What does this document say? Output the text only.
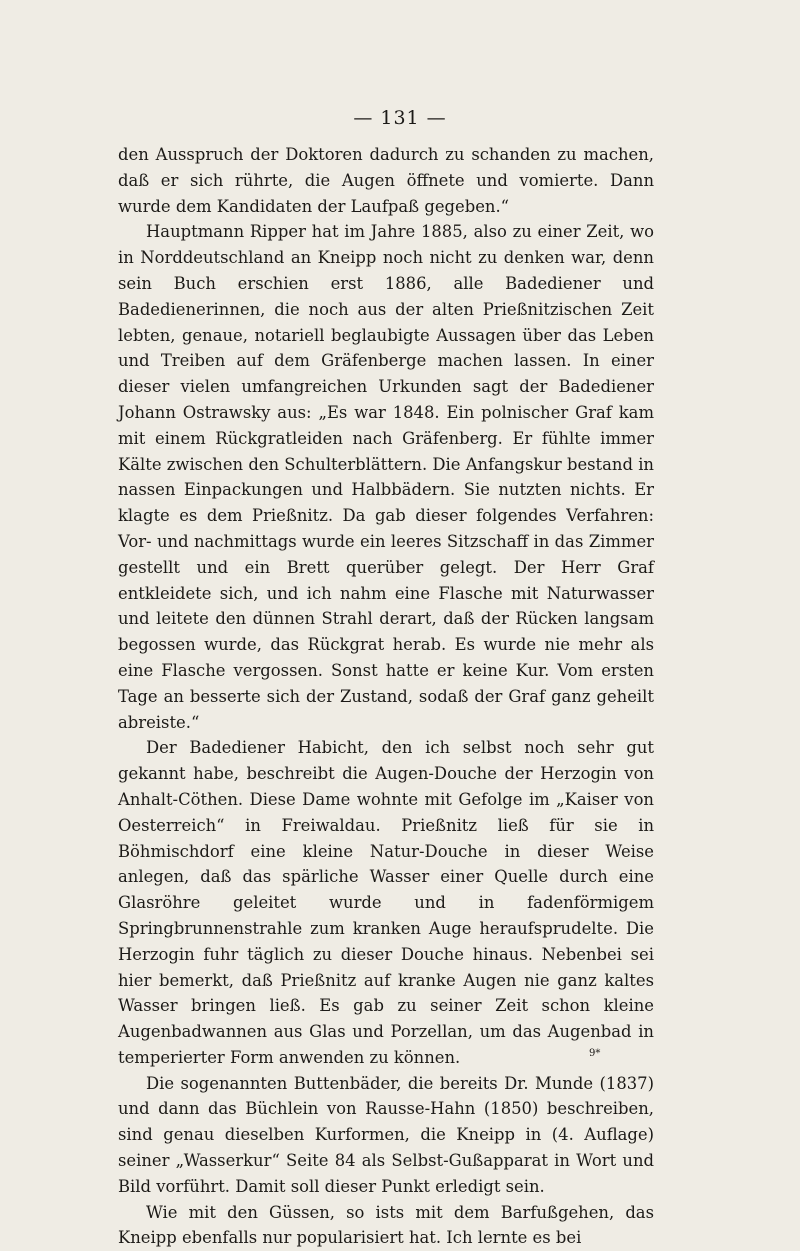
— 131 —

den Ausspruch der Doktoren dadurch zu schanden zu machen, daß er sich rührte, die Augen öffnete und vomierte. Dann wurde dem Kandidaten der Laufpaß gegeben.“

Hauptmann Ripper hat im Jahre 1885, also zu einer Zeit, wo in Norddeutschland an Kneipp noch nicht zu denken war, denn sein Buch erschien erst 1886, alle Badediener und Badedienerinnen, die noch aus der alten Prießnitzischen Zeit lebten, genaue, notariell beglaubigte Aussagen über das Leben und Treiben auf dem Gräfenberge machen lassen. In einer dieser vielen umfangreichen Urkunden sagt der Badediener Johann Ostrawsky aus: „Es war 1848. Ein polnischer Graf kam mit einem Rückgratleiden nach Gräfenberg. Er fühlte immer Kälte zwischen den Schulterblättern. Die Anfangskur bestand in nassen Einpackungen und Halbbädern. Sie nutzten nichts. Er klagte es dem Prießnitz. Da gab dieser folgendes Verfahren: Vor- und nachmittags wurde ein leeres Sitzschaff in das Zimmer gestellt und ein Brett querüber gelegt. Der Herr Graf entkleidete sich, und ich nahm eine Flasche mit Naturwasser und leitete den dünnen Strahl derart, daß der Rücken langsam begossen wurde, das Rückgrat herab. Es wurde nie mehr als eine Flasche vergossen. Sonst hatte er keine Kur. Vom ersten Tage an besserte sich der Zustand, sodaß der Graf ganz geheilt abreiste.“

Der Badediener Habicht, den ich selbst noch sehr gut gekannt habe, beschreibt die Augen-Douche der Herzogin von Anhalt-Cöthen. Diese Dame wohnte mit Gefolge im „Kaiser von Oesterreich“ in Freiwaldau. Prießnitz ließ für sie in Böhmischdorf eine kleine Natur-Douche in dieser Weise anlegen, daß das spärliche Wasser einer Quelle durch eine Glasröhre geleitet wurde und in fadenförmigem Springbrunnenstrahle zum kranken Auge heraufsprudelte. Die Herzogin fuhr täglich zu dieser Douche hinaus. Nebenbei sei hier bemerkt, daß Prießnitz auf kranke Augen nie ganz kaltes Wasser bringen ließ. Es gab zu seiner Zeit schon kleine Augenbadwannen aus Glas und Porzellan, um das Augenbad in temperierter Form anwenden zu können.

Die sogenannten Buttenbäder, die bereits Dr. Munde (1837) und dann das Büchlein von Rausse-Hahn (1850) beschreiben, sind genau dieselben Kurformen, die Kneipp in (4. Auflage) seiner „Wasserkur“ Seite 84 als Selbst-Gußapparat in Wort und Bild vorführt. Damit soll dieser Punkt erledigt sein.

Wie mit den Güssen, so ists mit dem Barfußgehen, das Kneipp ebenfalls nur popularisiert hat. Ich lernte es bei

9*
